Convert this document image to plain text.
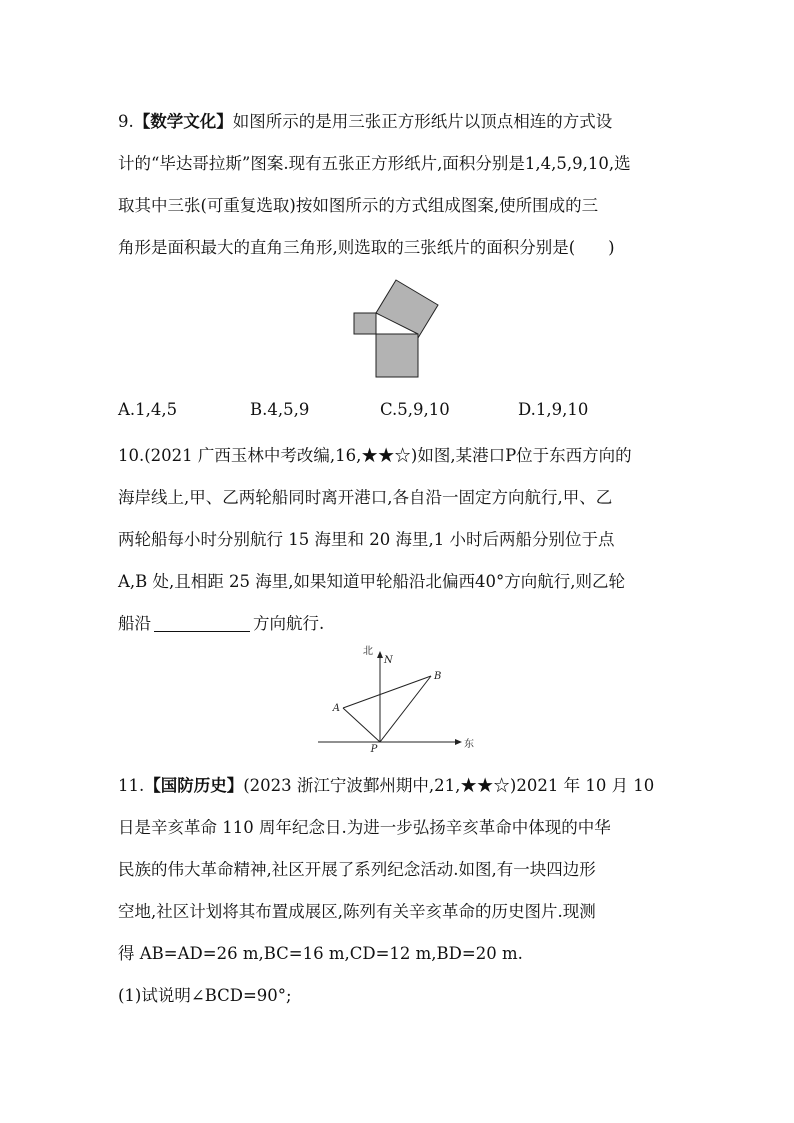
9.【数学文化】如图所示的是用三张正方形纸片以顶点相连的方式设
计的“毕达哥拉斯”图案.现有五张正方形纸片,面积分别是1,4,5,9,10,选
取其中三张(可重复选取)按如图所示的方式组成图案,使所围成的三
角形是面积最大的直角三角形,则选取的三张纸片的面积分别是(　　)
A.1,4,5	B.4,5,9	C.5,9,10	D.1,9,10
10.(2021 广西玉林中考改编,16,★★☆)如图,某港口P位于东西方向的
海岸线上,甲、乙两轮船同时离开港口,各自沿一固定方向航行,甲、乙
两轮船每小时分别航行 15 海里和 20 海里,1 小时后两船分别位于点
A,B 处,且相距 25 海里,如果知道甲轮船沿北偏西40°方向航行,则乙轮
船沿	方向航行.
北
N
东
A
B
P
11.【国防历史】(2023 浙江宁波鄞州期中,21,★★☆)2021 年 10 月 10
日是辛亥革命 110 周年纪念日.为进一步弘扬辛亥革命中体现的中华
民族的伟大革命精神,社区开展了系列纪念活动.如图,有一块四边形
空地,社区计划将其布置成展区,陈列有关辛亥革命的历史图片.现测
得 AB=AD=26 m,BC=16 m,CD=12 m,BD=20 m.
(1)试说明∠BCD=90°;
